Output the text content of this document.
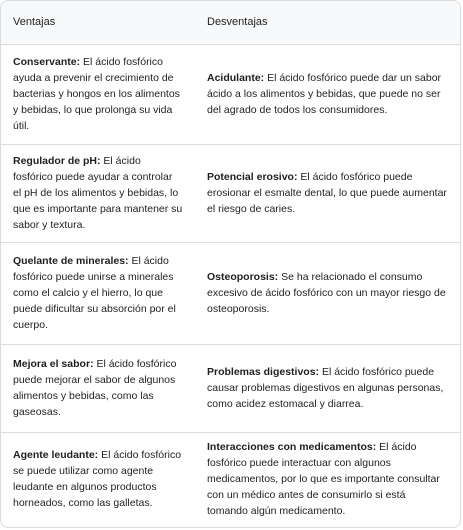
Ventajas	Desventajas
Conservante: El ácido fosfórico ayuda a prevenir el crecimiento de bacterias y hongos en los alimentos y bebidas, lo que prolonga su vida útil.	Acidulante: El ácido fosfórico puede dar un sabor ácido a los alimentos y bebidas, que puede no ser del agrado de todos los consumidores.
Regulador de pH: El ácido fosfórico puede ayudar a controlar el pH de los alimentos y bebidas, lo que es importante para mantener su sabor y textura.	Potencial erosivo: El ácido fosfórico puede erosionar el esmalte dental, lo que puede aumentar el riesgo de caries.
Quelante de minerales: El ácido fosfórico puede unirse a minerales como el calcio y el hierro, lo que puede dificultar su absorción por el cuerpo.	Osteoporosis: Se ha relacionado el consumo excesivo de ácido fosfórico con un mayor riesgo de osteoporosis.
Mejora el sabor: El ácido fosfórico puede mejorar el sabor de algunos alimentos y bebidas, como las gaseosas.	Problemas digestivos: El ácido fosfórico puede causar problemas digestivos en algunas personas, como acidez estomacal y diarrea.
Agente leudante: El ácido fosfórico se puede utilizar como agente leudante en algunos productos horneados, como las galletas.	Interacciones con medicamentos: El ácido fosfórico puede interactuar con algunos medicamentos, por lo que es importante consultar con un médico antes de consumirlo si está tomando algún medicamento.
